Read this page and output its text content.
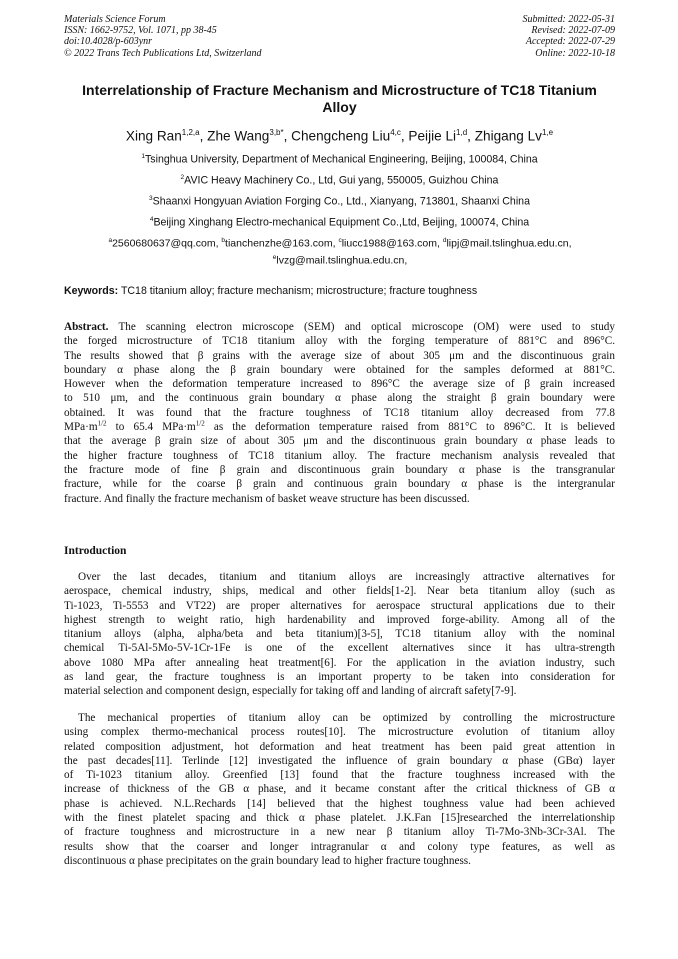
Materials Science Forum
ISSN: 1662-9752, Vol. 1071, pp 38-45
doi:10.4028/p-603ynr
© 2022 Trans Tech Publications Ltd, Switzerland
Submitted: 2022-05-31
Revised: 2022-07-09
Accepted: 2022-07-29
Online: 2022-10-18
Interrelationship of Fracture Mechanism and Microstructure of TC18 Titanium Alloy
Xing Ran$^{1,2,a}$, Zhe Wang$^{3,b*}$, Chengcheng Liu$^{4,c}$, Peijie Li$^{1,d}$, Zhigang Lv$^{1,e}$
$^1$Tsinghua University, Department of Mechanical Engineering, Beijing, 100084, China
$^2$AVIC Heavy Machinery Co., Ltd, Gui yang, 550005, Guizhou China
$^3$Shaanxi Hongyuan Aviation Forging Co., Ltd., Xianyang, 713801, Shaanxi China
$^4$Beijing Xinghang Electro-mechanical Equipment Co.,Ltd, Beijing, 100074, China
$^a$2560680637@qq.com, $^b$tianchenzhe@163.com, $^c$liucc1988@163.com, $^d$lipj@mail.tslinghua.edu.cn,
$^e$lvzg@mail.tslinghua.edu.cn,
Keywords: TC18 titanium alloy; fracture mechanism; microstructure; fracture toughness
Abstract. The scanning electron microscope (SEM) and optical microscope (OM) were used to study
the forged microstructure of TC18 titanium alloy with the forging temperature of 881°C and 896°C.
The results showed that β grains with the average size of about 305 μm and the discontinuous grain
boundary α phase along the β grain boundary were obtained for the samples deformed at 881°C.
However when the deformation temperature increased to 896°C the average size of β grain increased
to 510 μm, and the continuous grain boundary α phase along the straight β grain boundary were
obtained. It was found that the fracture toughness of TC18 titanium alloy decreased from 77.8
$MPa\cdot m^{1/2}$ to 65.4 $MPa\cdot m^{1/2}$ as the deformation temperature raised from 881°C to 896°C. It is believed
that the average β grain size of about 305 μm and the discontinuous grain boundary α phase leads to
the higher fracture toughness of TC18 titanium alloy. The fracture mechanism analysis revealed that
the fracture mode of fine β grain and discontinuous grain boundary α phase is the transgranular
fracture, while for the coarse β grain and continuous grain boundary α phase is the intergranular
fracture. And finally the fracture mechanism of basket weave structure has been discussed.
Introduction
Over the last decades, titanium and titanium alloys are increasingly attractive alternatives for
aerospace, chemical industry, ships, medical and other fields[1-2]. Near beta titanium alloy (such as
Ti-1023, Ti-5553 and VT22) are proper alternatives for aerospace structural applications due to their
highest strength to weight ratio, high hardenability and improved forge-ability. Among all of the
titanium alloys (alpha, alpha/beta and beta titanium)[3-5], TC18 titanium alloy with the nominal
chemical Ti-5Al-5Mo-5V-1Cr-1Fe is one of the excellent alternatives since it has ultra-strength
above 1080 MPa after annealing heat treatment[6]. For the application in the aviation industry, such
as land gear, the fracture toughness is an important property to be taken into consideration for
material selection and component design, especially for taking off and landing of aircraft safety[7-9].
The mechanical properties of titanium alloy can be optimized by controlling the microstructure
using complex thermo-mechanical process routes[10]. The microstructure evolution of titanium alloy
related composition adjustment, hot deformation and heat treatment has been paid great attention in
the past decades[11]. Terlinde [12] investigated the influence of grain boundary α phase (GBα) layer
of Ti-1023 titanium alloy. Greenfied [13] found that the fracture toughness increased with the
increase of thickness of the GB α phase, and it became constant after the critical thickness of GB α
phase is achieved. N.L.Rechards [14] believed that the highest toughness value had been achieved
with the finest platelet spacing and thick α phase platelet. J.K.Fan [15]researched the interrelationship
of fracture toughness and microstructure in a new near β titanium alloy Ti-7Mo-3Nb-3Cr-3Al. The
results show that the coarser and longer intragranular α and colony type features, as well as
discontinuous α phase precipitates on the grain boundary lead to higher fracture toughness.
